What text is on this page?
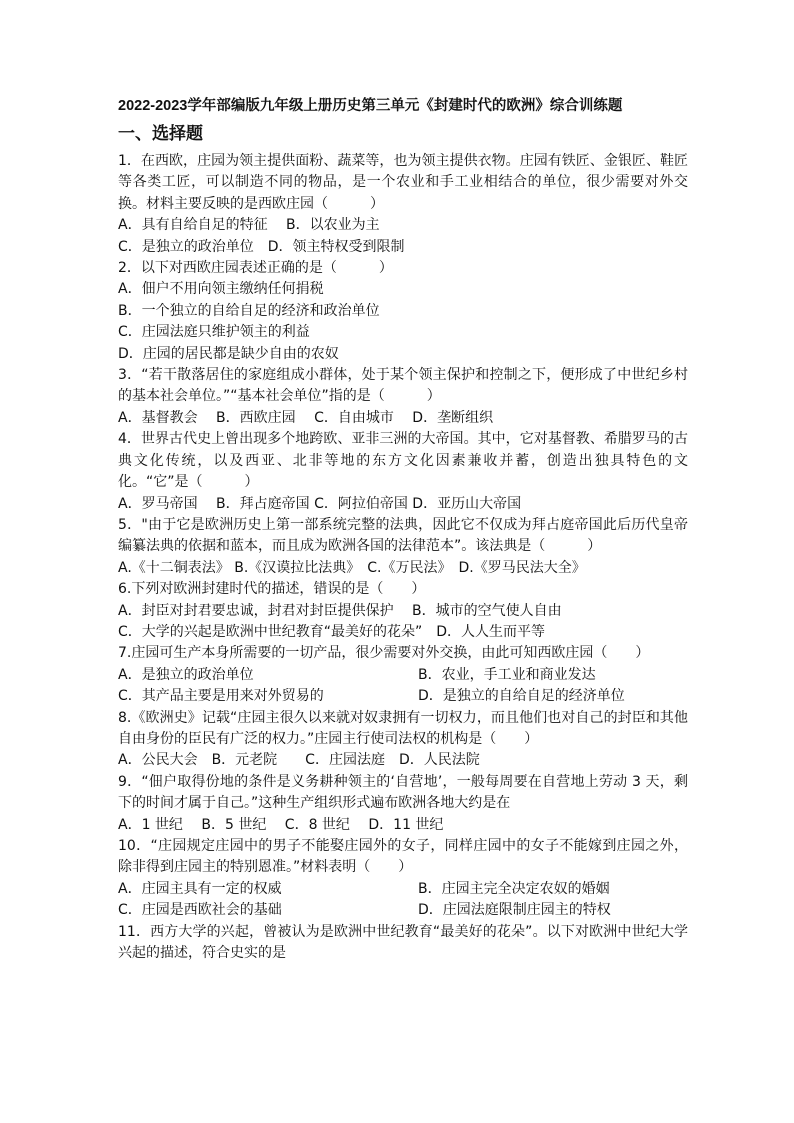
2022-2023学年部编版九年级上册历史第三单元《封建时代的欧洲》综合训练题
一、选择题

1．在西欧，庄园为领主提供面粉、蔬菜等，也为领主提供衣物。庄园有铁匠、金银匠、鞋匠等各类工匠，可以制造不同的物品，是一个农业和手工业相结合的单位，很少需要对外交换。材料主要反映的是西欧庄园（　　　）

A．具有自给自足的特征　 B．以农业为主

C．是独立的政治单位　D．领主特权受到限制

2．以下对西欧庄园表述正确的是（　　　）

A．佃户不用向领主缴纳任何捐税

B．一个独立的自给自足的经济和政治单位

C．庄园法庭只维护领主的利益

D．庄园的居民都是缺少自由的农奴

3．“若干散落居住的家庭组成小群体，处于某个领主保护和控制之下，便形成了中世纪乡村的基本社会单位。”“基本社会单位”指的是（　　　）

A．基督教会　 B．西欧庄园　 C．自由城市　 D．垄断组织

4．世界古代史上曾出现多个地跨欧、亚非三洲的大帝国。其中，它对基督教、希腊罗马的古典文化传统，以及西亚、北非等地的东方文化因素兼收并蓄，创造出独具特色的文化。“它”是（　　　）

A．罗马帝国　 B．拜占庭帝国 C．阿拉伯帝国 D．亚历山大帝国

5．"由于它是欧洲历史上第一部系统完整的法典，因此它不仅成为拜占庭帝国此后历代皇帝编纂法典的依据和蓝本，而且成为欧洲各国的法律范本”。该法典是（　　　）

A.《十二铜表法》 B.《汉谟拉比法典》　C.《万民法》　D.《罗马民法大全》

6.下列对欧洲封建时代的描述，错误的是（　　）

A．封臣对封君要忠诚，封君对封臣提供保护　 B．城市的空气使人自由

C．大学的兴起是欧洲中世纪教育“最美好的花朵”　D．人人生而平等

7.庄园可生产本身所需要的一切产品，很少需要对外交换，由此可知西欧庄园（　　）

A．是独立的政治单位	B．农业，手工业和商业发达
C．其产品主要是用来对外贸易的	D．是独立的自给自足的经济单位

8.《欧洲史》记载“庄园主很久以来就对奴隶拥有一切权力，而且他们也对自己的封臣和其他自由身份的臣民有广泛的权力。”庄园主行使司法权的机构是（　　）

A．公民大会　B．元老院　　C．庄园法庭　D．人民法院

9．“佃户取得份地的条件是义务耕种领主的‘自营地’，一般每周要在自营地上劳动 3 天，剩下的时间才属于自己。”这种生产组织形式遍布欧洲各地大约是在

A．1 世纪　 B．5 世纪　 C．8 世纪　 D．11 世纪

10．“庄园规定庄园中的男子不能娶庄园外的女子，同样庄园中的女子不能嫁到庄园之外，除非得到庄园主的特别恩准。”材料表明（　　）

A．庄园主具有一定的权威	B．庄园主完全决定农奴的婚姻
C．庄园是西欧社会的基础	D．庄园法庭限制庄园主的特权

11．西方大学的兴起，曾被认为是欧洲中世纪教育“最美好的花朵”。以下对欧洲中世纪大学兴起的描述，符合史实的是
